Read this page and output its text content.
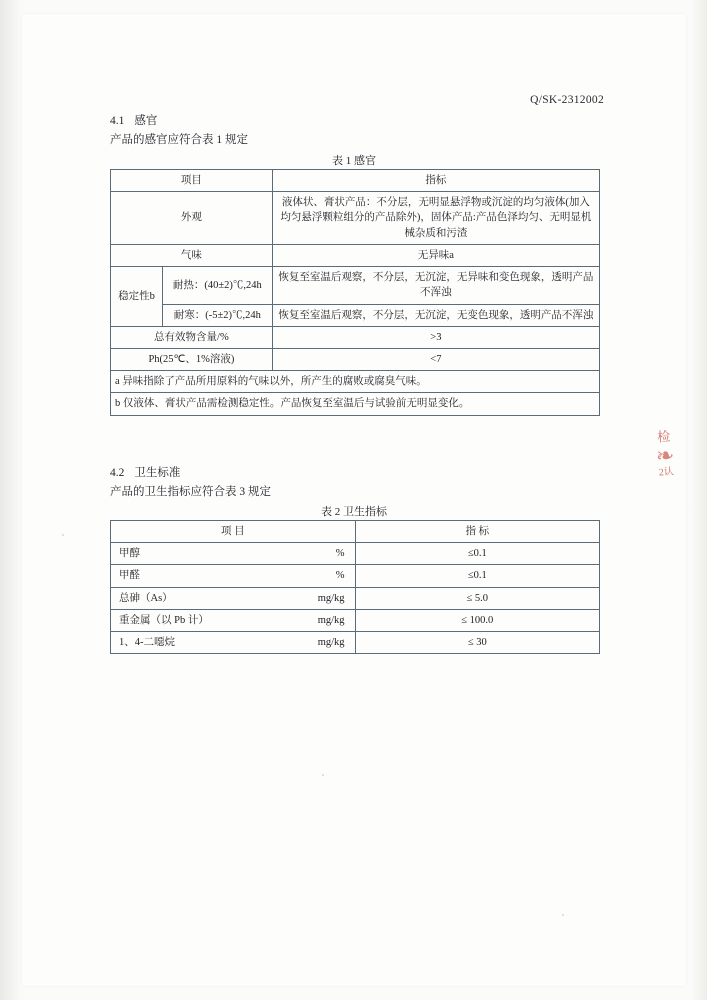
Q/SK-2312002
4.1 感官
产品的感官应符合表 1 规定
表 1 感官
项目		指标
外观		液体状、膏状产品：不分层，无明显悬浮物或沉淀的均匀液体(加入均匀悬浮颗粒组分的产品除外)，固体产品:产品色泽均匀、无明显机械杂质和污渣
气味		无异味a
稳定性b	耐热：(40±2)℃,24h	恢复至室温后观察，不分层，无沉淀，无异味和变色现象，透明产品不浑浊
	耐寒：(-5±2)℃,24h	恢复至室温后观察，不分层，无沉淀，无变色现象，透明产品不浑浊
总有效物含量/%		>3
Ph(25℃、1%溶液)		<7
a 异味指除了产品所用原料的气味以外，所产生的腐败或腐臭气味。		
b 仅液体、膏状产品需检测稳定性。产品恢复至室温后与试验前无明显变化。		
4.2 卫生标准
产品的卫生指标应符合表 3 规定
表 2 卫生指标
项 目	指 标

甲醇 %	≤0.1

甲醛 %	≤0.1

总砷（As） mg/kg	≤ 5.0

重金属（以 Pb 计） mg/kg	≤ 100.0

1、4-二噁烷 mg/kg	≤ 30
检
❧
2认
